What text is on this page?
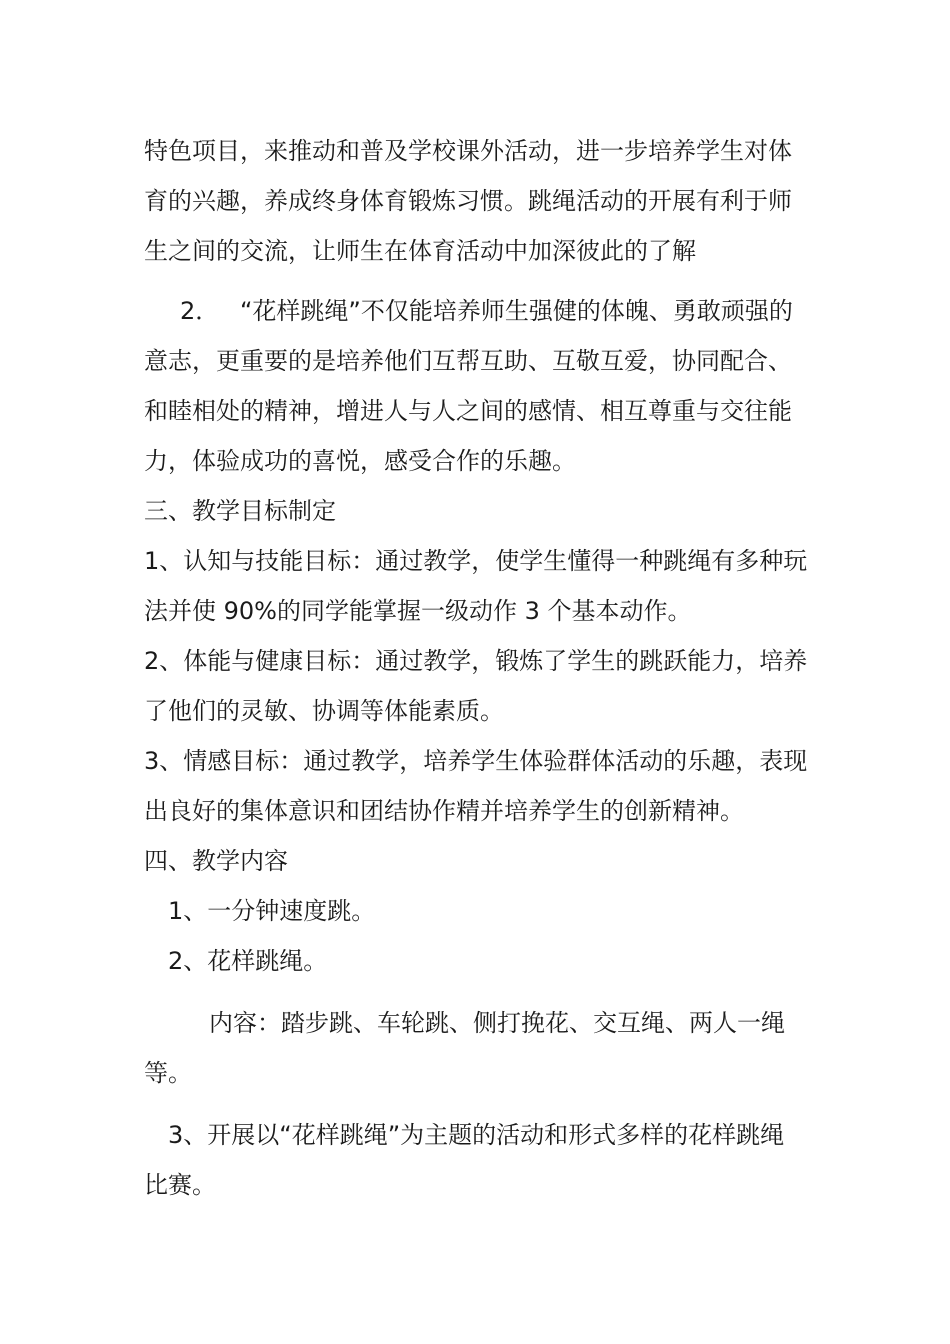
特色项目，来推动和普及学校课外活动，进一步培养学生对体
育的兴趣，养成终身体育锻炼习惯。跳绳活动的开展有利于师
生之间的交流，让师生在体育活动中加深彼此的了解
2． “花样跳绳”不仅能培养师生强健的体魄、勇敢顽强的
意志，更重要的是培养他们互帮互助、互敬互爱，协同配合、
和睦相处的精神，增进人与人之间的感情、相互尊重与交往能
力，体验成功的喜悦，感受合作的乐趣。
三、教学目标制定
1、认知与技能目标：通过教学，使学生懂得一种跳绳有多种玩
法并使 90%的同学能掌握一级动作 3 个基本动作。
2、体能与健康目标：通过教学，锻炼了学生的跳跃能力，培养
了他们的灵敏、协调等体能素质。
3、情感目标：通过教学，培养学生体验群体活动的乐趣，表现
出良好的集体意识和团结协作精并培养学生的创新精神。
四、教学内容
1、一分钟速度跳。
2、花样跳绳。
内容：踏步跳、车轮跳、侧打挽花、交互绳、两人一绳
等。
3、开展以“花样跳绳”为主题的活动和形式多样的花样跳绳
比赛。
